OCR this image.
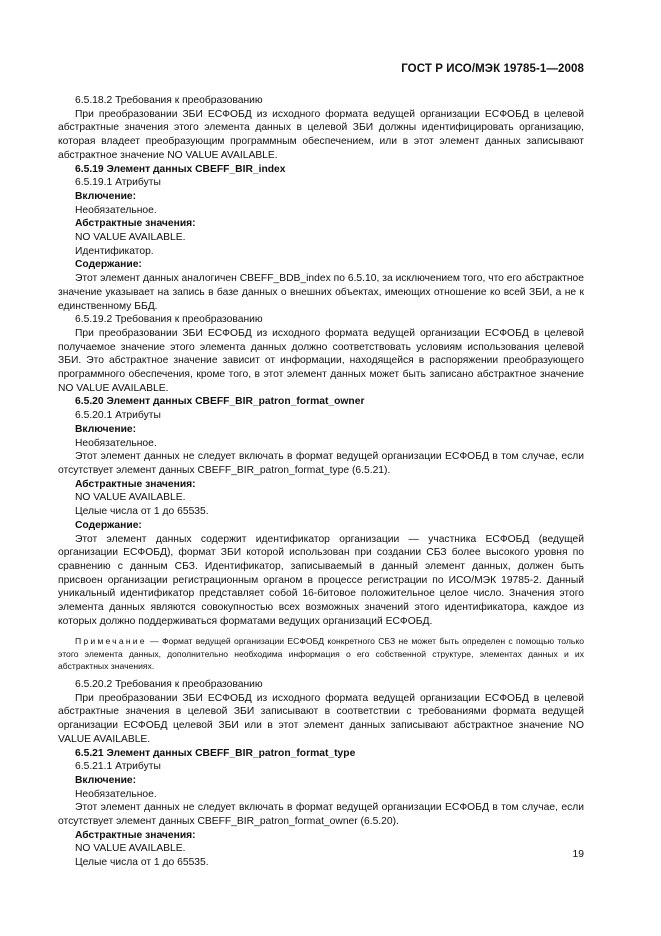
ГОСТ Р ИСО/МЭК 19785-1—2008

6.5.18.2 Требования к преобразованию

При преобразовании ЗБИ ЕСФОБД из исходного формата ведущей организации ЕСФОБД в целевой абстрактные значения этого элемента данных в целевой ЗБИ должны идентифицировать организацию, которая владеет преобразующим программным обеспечением, или в этот элемент данных записывают абстрактное значение NO VALUE AVAILABLE.

6.5.19 Элемент данных CBEFF_BIR_index

6.5.19.1 Атрибуты

Включение:

Необязательное.

Абстрактные значения:

NO VALUE AVAILABLE.

Идентификатор.

Содержание:

Этот элемент данных аналогичен CBEFF_BDB_index по 6.5.10, за исключением того, что его абстрактное значение указывает на запись в базе данных о внешних объектах, имеющих отношение ко всей ЗБИ, а не к единственному ББД.

6.5.19.2 Требования к преобразованию

При преобразовании ЗБИ ЕСФОБД из исходного формата ведущей организации ЕСФОБД в целевой получаемое значение этого элемента данных должно соответствовать условиям использования целевой ЗБИ. Это абстрактное значение зависит от информации, находящейся в распоряжении преобразующего программного обеспечения, кроме того, в этот элемент данных может быть записано абстрактное значение NO VALUE AVAILABLE.

6.5.20 Элемент данных CBEFF_BIR_patron_format_owner

6.5.20.1 Атрибуты

Включение:

Необязательное.

Этот элемент данных не следует включать в формат ведущей организации ЕСФОБД в том случае, если отсутствует элемент данных CBEFF_BIR_patron_format_type (6.5.21).

Абстрактные значения:

NO VALUE AVAILABLE.

Целые числа от 1 до 65535.

Содержание:

Этот элемент данных содержит идентификатор организации — участника ЕСФОБД (ведущей организации ЕСФОБД), формат ЗБИ которой использован при создании СБЗ более высокого уровня по сравнению с данным СБЗ. Идентификатор, записываемый в данный элемент данных, должен быть присвоен организации регистрационным органом в процессе регистрации по ИСО/МЭК 19785-2. Данный уникальный идентификатор представляет собой 16-битовое положительное целое число. Значения этого элемента данных являются совокупностью всех возможных значений этого идентификатора, каждое из которых должно поддерживаться форматами ведущих организаций ЕСФОБД.

Примечание — Формат ведущей организации ЕСФОБД конкретного СБЗ не может быть определен с помощью только этого элемента данных, дополнительно необходима информация о его собственной структуре, элементах данных и их абстрактных значениях.

6.5.20.2 Требования к преобразованию

При преобразовании ЗБИ ЕСФОБД из исходного формата ведущей организации ЕСФОБД в целевой абстрактные значения в целевой ЗБИ записывают в соответствии с требованиями формата ведущей организации ЕСФОБД целевой ЗБИ или в этот элемент данных записывают абстрактное значение NO VALUE AVAILABLE.

6.5.21 Элемент данных CBEFF_BIR_patron_format_type

6.5.21.1 Атрибуты

Включение:

Необязательное.

Этот элемент данных не следует включать в формат ведущей организации ЕСФОБД в том случае, если отсутствует элемент данных CBEFF_BIR_patron_format_owner (6.5.20).

Абстрактные значения:

NO VALUE AVAILABLE.

Целые числа от 1 до 65535.

19
